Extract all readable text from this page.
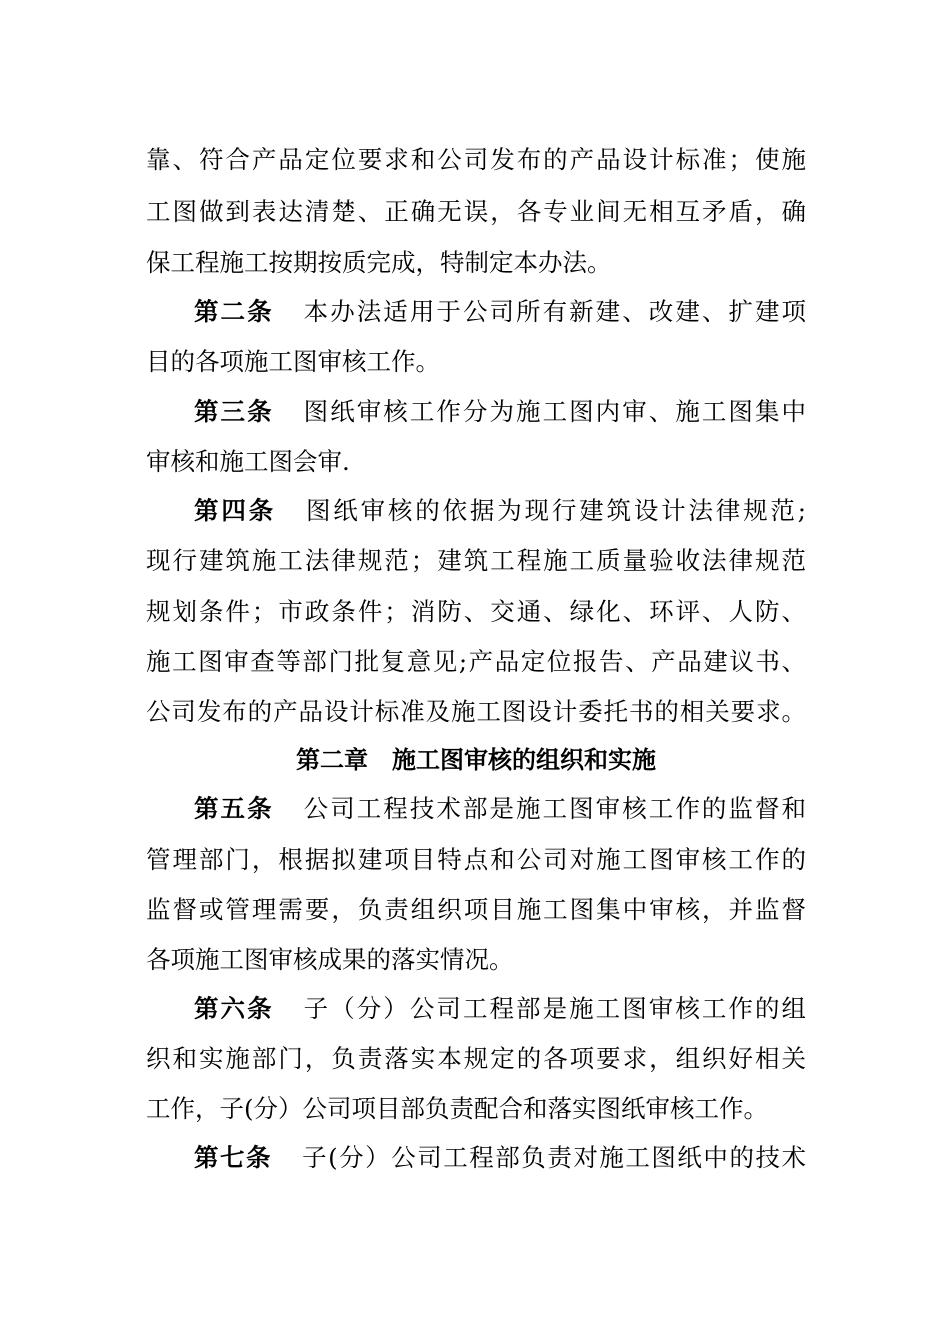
靠、符合产品定位要求和公司发布的产品设计标准；使施
工图做到表达清楚、正确无误，各专业间无相互矛盾，确
保工程施工按期按质完成，特制定本办法。
第二条 本办法适用于公司所有新建、改建、扩建项
目的各项施工图审核工作。
第三条 图纸审核工作分为施工图内审、施工图集中
审核和施工图会审.
第四条 图纸审核的依据为现行建筑设计法律规范;
现行建筑施工法律规范；建筑工程施工质量验收法律规范
规划条件；市政条件；消防、交通、绿化、环评、人防、
施工图审查等部门批复意见;产品定位报告、产品建议书、
公司发布的产品设计标准及施工图设计委托书的相关要求。
第二章 施工图审核的组织和实施
第五条 公司工程技术部是施工图审核工作的监督和
管理部门，根据拟建项目特点和公司对施工图审核工作的
监督或管理需要，负责组织项目施工图集中审核，并监督
各项施工图审核成果的落实情况。
第六条 子（分）公司工程部是施工图审核工作的组
织和实施部门，负责落实本规定的各项要求，组织好相关
工作，子(分）公司项目部负责配合和落实图纸审核工作。
第七条 子(分）公司工程部负责对施工图纸中的技术
